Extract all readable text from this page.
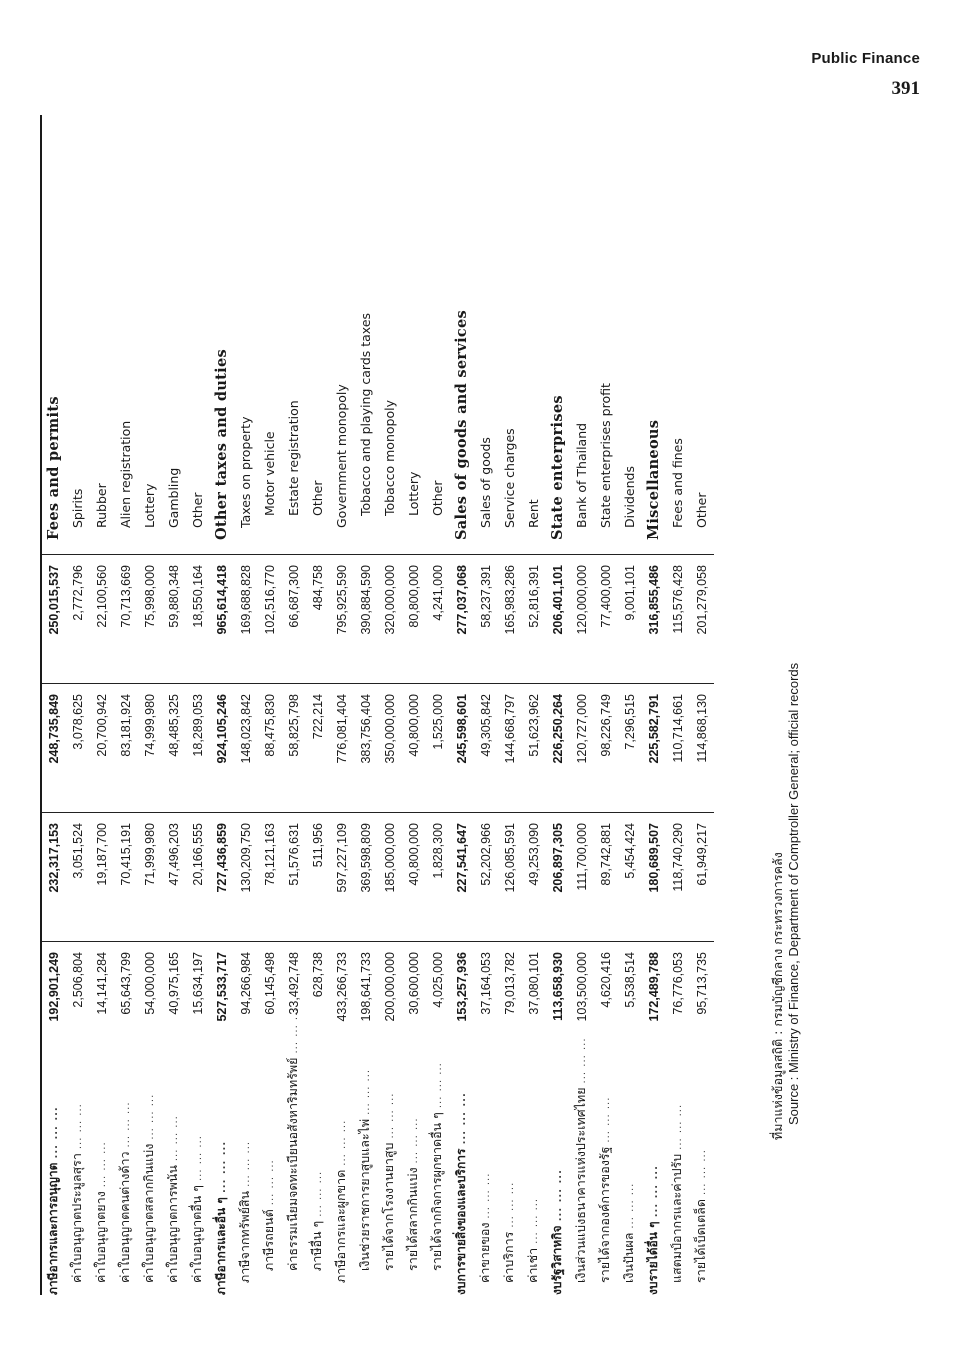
Public Finance
391
ภาษีอากรและการอนุญาต ... ... ...	192,901,249	232,317,153	248,735,849	250,015,537	Fees and permits
ค่าใบอนุญาตประมูลสุรา ... ... ...	2,506,804	3,051,524	3,078,625	2,772,796	Spirits
ค่าใบอนุญาตยาง ... ... ...	14,141,284	19,187,700	20,700,942	22,100,560	Rubber
ค่าใบอนุญาตคนต่างด้าว ... ... ...	65,643,799	70,415,191	83,181,924	70,713,669	Alien registration
ค่าใบอนุญาตสลากกินแบ่ง ... ... ...	54,000,000	71,999,980	74,999,980	75,998,000	Lottery
ค่าใบอนุญาตการพนัน ... ... ...	40,975,165	47,496,203	48,485,325	59,880,348	Gambling
ค่าใบอนุญาตอื่น ๆ ... ... ...	15,634,197	20,166,555	18,289,053	18,550,164	Other
ภาษีอากรและอื่น ๆ ... ... ...	527,533,717	727,436,859	924,105,246	965,614,418	Other taxes and duties
ภาษีจากทรัพย์สิน ... ... ...	94,266,984	130,209,750	148,023,842	169,688,828	Taxes on property
ภาษีรถยนต์ ... ... ...	60,145,498	78,121,163	88,475,830	102,516,770	Motor vehicle
ค่าธรรมเนียมจดทะเบียนอสังหาริมทรัพย์ ... ... ...	33,492,748	51,576,631	58,825,798	66,687,300	Estate registration
ภาษีอื่น ๆ ... ... ...	628,738	511,956	722,214	484,758	Other
ภาษีอากรและผูกขาด ... ... ...	433,266,733	597,227,109	776,081,404	795,925,590	Government monopoly
เงินช่วยราชการยาสูบและไพ่ ... ... ...	198,641,733	369,598,809	383,756,404	390,884,590	Tobacco and playing cards taxes
รายได้จากโรงงานยาสูบ ... ... ...	200,000,000	185,000,000	350,000,000	320,000,000	Tobacco monopoly
รายได้สลากกินแบ่ง ... ... ...	30,600,000	40,800,000	40,800,000	80,800,000	Lottery
รายได้จากกิจการผูกขาดอื่น ๆ ... ... ...	4,025,000	1,828,300	1,525,000	4,241,000	Other
งบการขายสิ่งของและบริการ ... ... ...	153,257,936	227,541,647	245,598,601	277,037,068	Sales of goods and services
ค่าขายของ ... ... ...	37,164,053	52,202,966	49,305,842	58,237,391	Sales of goods
ค่าบริการ ... ... ...	79,013,782	126,085,591	144,668,797	165,983,286	Service charges
ค่าเช่า ... ... ...	37,080,101	49,253,090	51,623,962	52,816,391	Rent
งบรัฐวิสาหกิจ ... ... ...	113,658,930	206,897,305	226,250,264	206,401,101	State enterprises
เงินส่วนแบ่งธนาคารแห่งประเทศไทย ... ... ...	103,500,000	111,700,000	120,727,000	120,000,000	Bank of Thailand
รายได้จากองค์การของรัฐ ... ... ...	4,620,416	89,742,881	98,226,749	77,400,000	State enterprises profit
เงินปันผล ... ... ...	5,538,514	5,454,424	7,296,515	9,001,101	Dividends
งบรายได้อื่น ๆ ... ... ...	172,489,788	180,689,507	225,582,791	316,855,486	Miscellaneous
แสตมป์อากรและค่าปรับ ... ... ...	76,776,053	118,740,290	110,714,661	115,576,428	Fees and fines
รายได้เบ็ดเตล็ด ... ... ...	95,713,735	61,949,217	114,868,130	201,279,058	Other
ที่มาแห่งข้อมูลสถิติ : กรมบัญชีกลาง กระทรวงการคลัง Source : Ministry of Finance, Department of Comptroller General; official records
